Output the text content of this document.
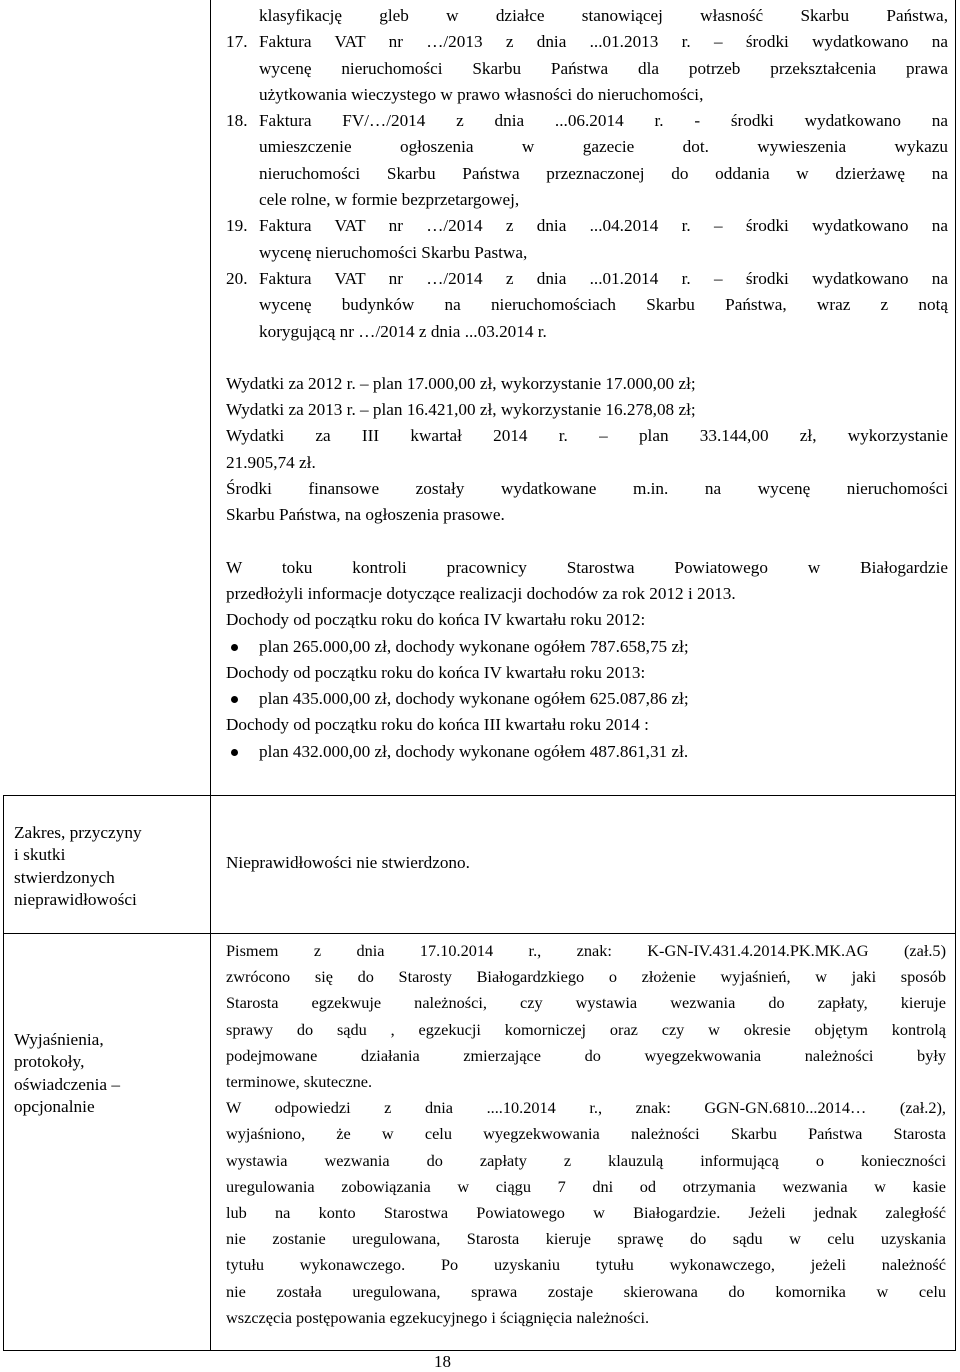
klasyfikację gleb w działce stanowiącej własność Skarbu Państwa,
17. Faktura VAT nr …/2013 z dnia ...01.2013 r. – środki wydatkowano na
wycenę nieruchomości Skarbu Państwa dla potrzeb przekształcenia prawa
użytkowania wieczystego w prawo własności do nieruchomości,
18. Faktura FV/…/2014 z dnia ...06.2014 r. - środki wydatkowano na
umieszczenie ogłoszenia w gazecie dot. wywieszenia wykazu
nieruchomości Skarbu Państwa przeznaczonej do oddania w dzierżawę na
cele rolne, w formie bezprzetargowej,
19. Faktura VAT nr …/2014 z dnia ...04.2014 r. – środki wydatkowano na
wycenę nieruchomości Skarbu Pastwa,
20. Faktura VAT nr …/2014 z dnia ...01.2014 r. – środki wydatkowano na
wycenę budynków na nieruchomościach Skarbu Państwa, wraz z notą
korygującą nr …/2014 z dnia ...03.2014 r.
Wydatki za 2012 r. – plan 17.000,00 zł, wykorzystanie 17.000,00 zł;
Wydatki za 2013 r. – plan 16.421,00 zł, wykorzystanie 16.278,08 zł;
Wydatki za III kwartał 2014 r. – plan 33.144,00 zł, wykorzystanie
21.905,74 zł.
Środki finansowe zostały wydatkowane m.in. na wycenę nieruchomości
Skarbu Państwa, na ogłoszenia prasowe.
W toku kontroli pracownicy Starostwa Powiatowego w Białogardzie
przedłożyli informacje dotyczące realizacji dochodów za rok 2012 i 2013.
Dochody od początku roku do końca IV kwartału roku 2012:
plan 265.000,00 zł, dochody wykonane ogółem 787.658,75 zł;
Dochody od początku roku do końca IV kwartału roku 2013:
plan 435.000,00 zł, dochody wykonane ogółem 625.087,86 zł;
Dochody od początku roku do końca III kwartału roku 2014 :
plan 432.000,00 zł, dochody wykonane ogółem 487.861,31 zł.
Zakres, przyczyny
i skutki
stwierdzonych
nieprawidłowości
Nieprawidłowości nie stwierdzono.
Wyjaśnienia,
protokoły,
oświadczenia –
opcjonalnie
Pismem z dnia 17.10.2014 r., znak: K-GN-IV.431.4.2014.PK.MK.AG (zał.5)
zwrócono się do Starosty Białogardzkiego o złożenie wyjaśnień, w jaki sposób
Starosta egzekwuje należności, czy wystawia wezwania do zapłaty, kieruje
sprawy do sądu , egzekucji komorniczej oraz czy w okresie objętym kontrolą
podejmowane działania zmierzające do wyegzekwowania należności były
terminowe, skuteczne.
W odpowiedzi z dnia ....10.2014 r., znak: GGN-GN.6810...2014… (zał.2),
wyjaśniono, że w celu wyegzekwowania należności Skarbu Państwa Starosta
wystawia wezwania do zapłaty z klauzulą informującą o konieczności
uregulowania zobowiązania w ciągu 7 dni od otrzymania wezwania w kasie
lub na konto Starostwa Powiatowego w Białogardzie. Jeżeli jednak zaległość
nie zostanie uregulowana, Starosta kieruje sprawę do sądu w celu uzyskania
tytułu wykonawczego. Po uzyskaniu tytułu wykonawczego, jeżeli należność
nie została uregulowana, sprawa zostaje skierowana do komornika w celu
wszczęcia postępowania egzekucyjnego i ściągnięcia należności.
18
